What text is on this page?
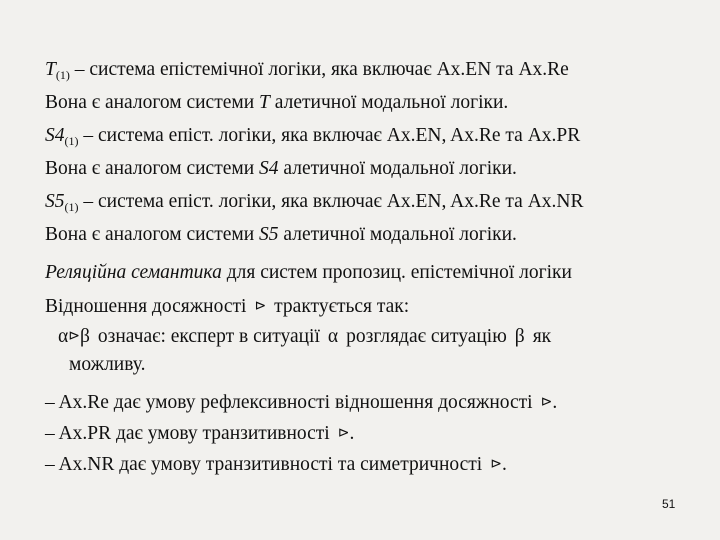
$T_{(1)}$ – система епістемічної логіки, яка включає Ax.EN та Ax.Re
Вона є аналогом системи T алетичної модальної логіки.
$S4_{(1)}$ – система епіст. логіки, яка включає Ax.EN, Ax.Re та Ax.PR
Вона є аналогом системи S4 алетичної модальної логіки.
$S5_{(1)}$ – система епіст. логіки, яка включає Ax.EN, Ax.Re та Ax.NR
Вона є аналогом системи S5 алетичної модальної логіки.
Реляційна семантика для систем пропозиц. епістемічної логіки
Відношення досяжності ⊳ трактується так:
α⊳β означає: експерт в ситуації α розглядає ситуацію β як
можливу.
– Ax.Re дає умову рефлексивності відношення досяжності ⊳.
– Ax.PR дає умову транзитивності ⊳.
– Ax.NR дає умову транзитивності та симетричності ⊳.
51
